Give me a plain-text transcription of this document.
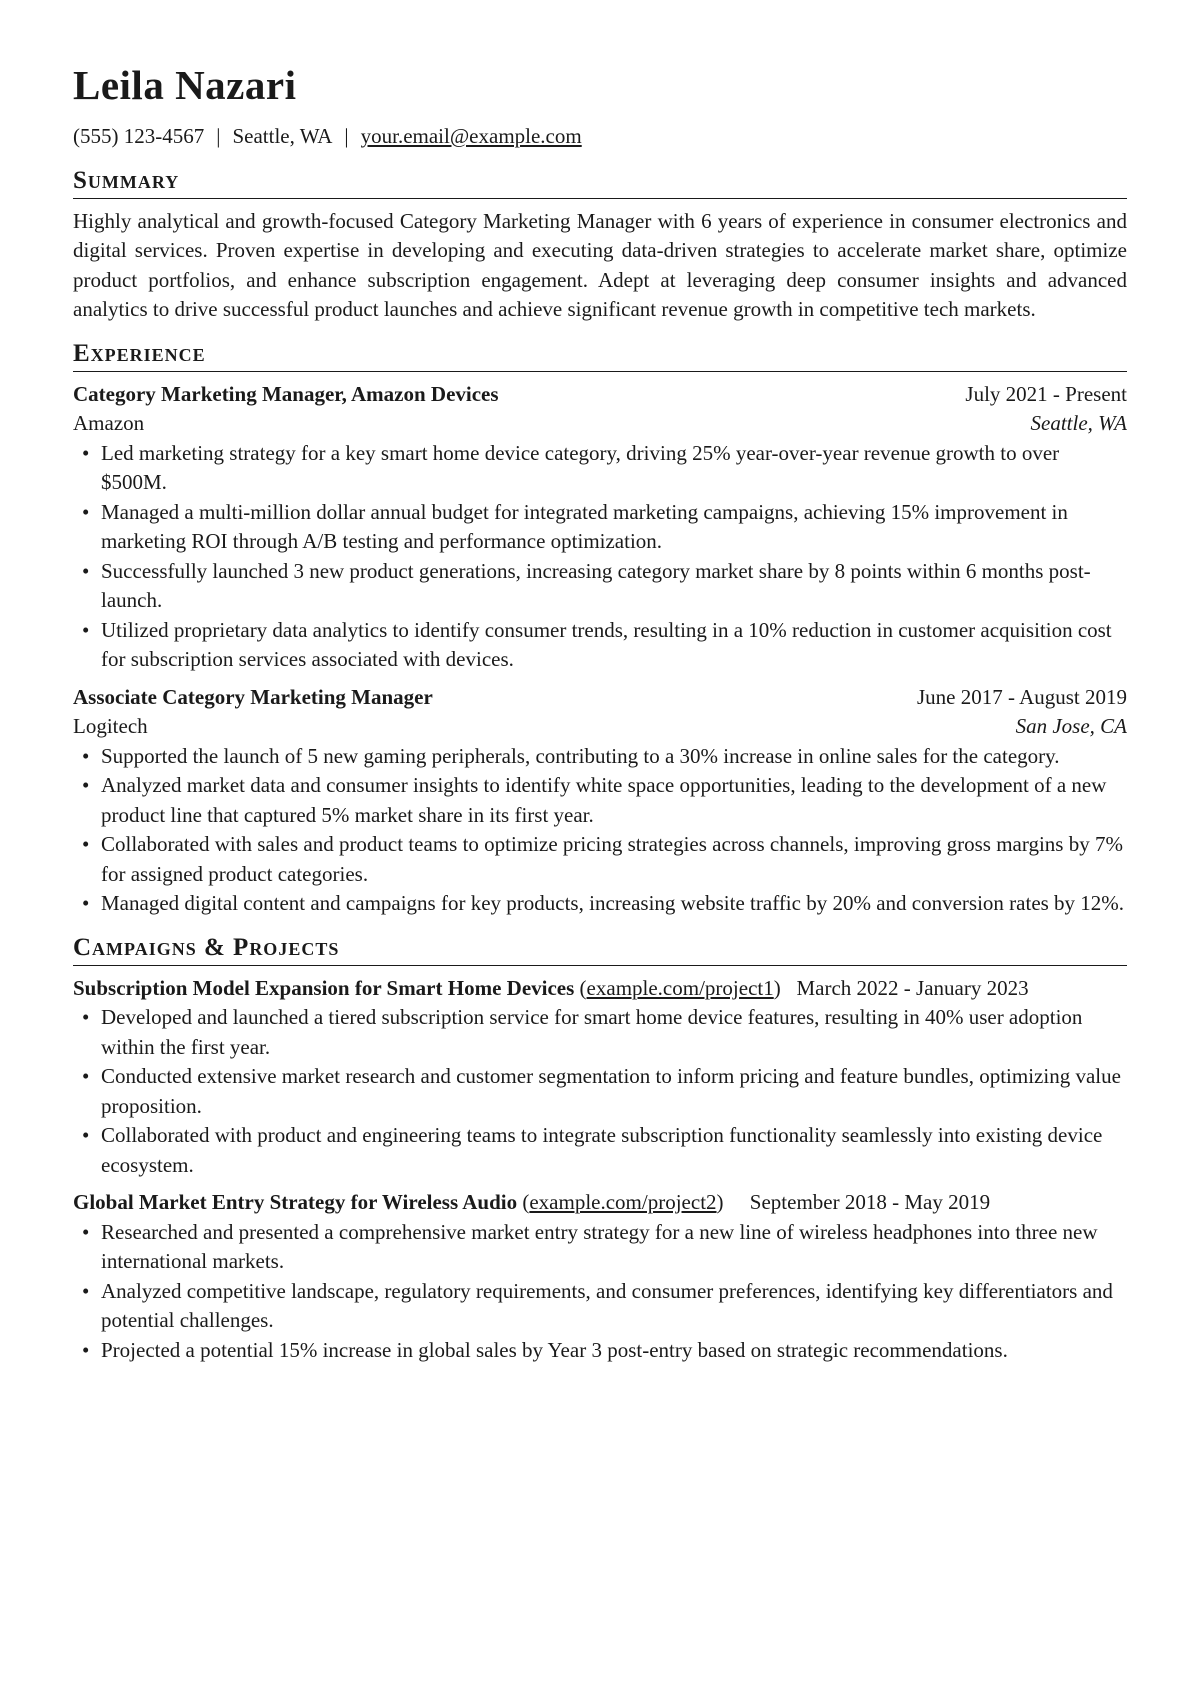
Leila Nazari
(555) 123-4567 | Seattle, WA | your.email@example.com
Summary

Highly analytical and growth-focused Category Marketing Manager with 6 years of experience in consumer electronics and digital services. Proven expertise in developing and executing data-driven strategies to accelerate market share, optimize product portfolios, and enhance subscription engagement. Adept at leveraging deep consumer insights and advanced analytics to drive successful product launches and achieve significant revenue growth in competitive tech markets.

Experience
Category Marketing Manager, Amazon Devices	July 2021 - Present
Amazon	Seattle, WA
• Led marketing strategy for a key smart home device category, driving 25% year-over-year revenue growth to over $500M.
• Managed a multi-million dollar annual budget for integrated marketing campaigns, achieving 15% improvement in marketing ROI through A/B testing and performance optimization.
• Successfully launched 3 new product generations, increasing category market share by 8 points within 6 months post-launch.
• Utilized proprietary data analytics to identify consumer trends, resulting in a 10% reduction in customer acquisition cost for subscription services associated with devices.
Associate Category Marketing Manager	June 2017 - August 2019
Logitech	San Jose, CA
• Supported the launch of 5 new gaming peripherals, contributing to a 30% increase in online sales for the category.
• Analyzed market data and consumer insights to identify white space opportunities, leading to the development of a new product line that captured 5% market share in its first year.
• Collaborated with sales and product teams to optimize pricing strategies across channels, improving gross margins by 7% for assigned product categories.
• Managed digital content and campaigns for key products, increasing website traffic by 20% and conversion rates by 12%.
Campaigns & Projects
Subscription Model Expansion for Smart Home Devices (example.com/project1)   March 2022 - January 2023
• Developed and launched a tiered subscription service for smart home device features, resulting in 40% user adoption within the first year.
• Conducted extensive market research and customer segmentation to inform pricing and feature bundles, optimizing value proposition.
• Collaborated with product and engineering teams to integrate subscription functionality seamlessly into existing device ecosystem.
Global Market Entry Strategy for Wireless Audio (example.com/project2)     September 2018 - May 2019
• Researched and presented a comprehensive market entry strategy for a new line of wireless headphones into three new international markets.
• Analyzed competitive landscape, regulatory requirements, and consumer preferences, identifying key differentiators and potential challenges.
• Projected a potential 15% increase in global sales by Year 3 post-entry based on strategic recommendations.
